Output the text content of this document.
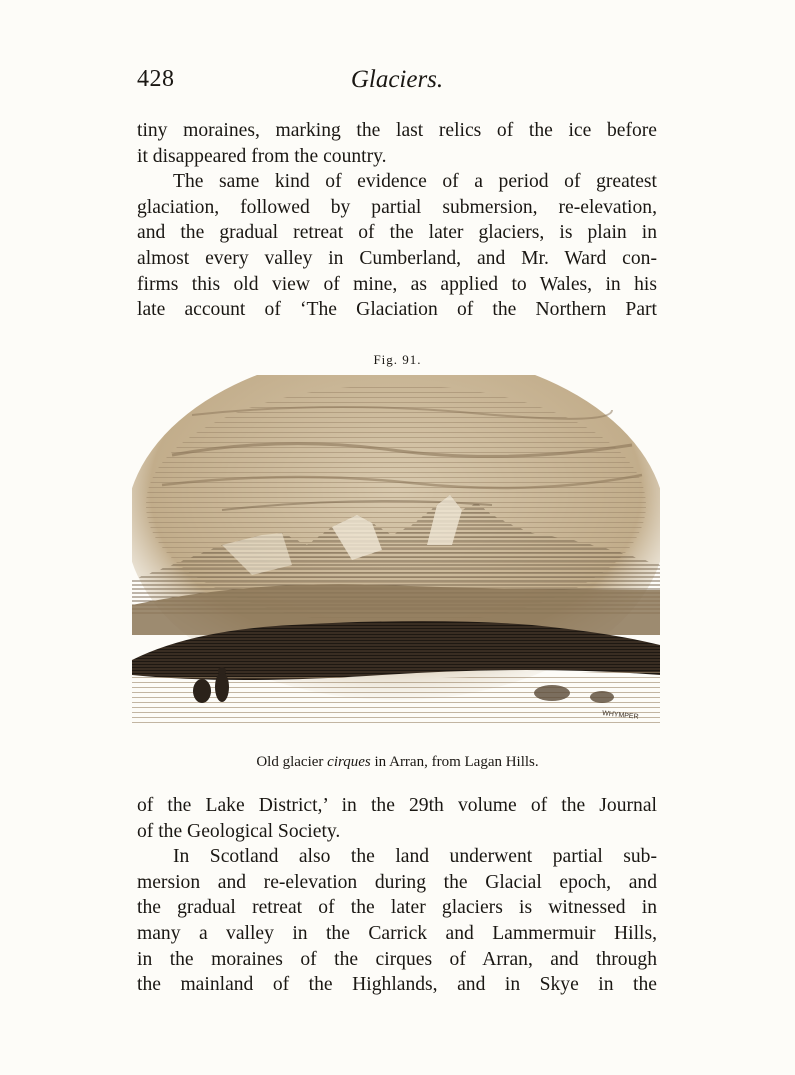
428	Glaciers.
tiny moraines, marking the last relics of the ice before
it disappeared from the country.
The same kind of evidence of a period of greatest
glaciation, followed by partial submersion, re-elevation,
and the gradual retreat of the later glaciers, is plain in
almost every valley in Cumberland, and Mr. Ward con-
firms this old view of mine, as applied to Wales, in his
late account of ‘The Glaciation of the Northern Part
Fig. 91.
WHYMPER
Old glacier cirques in Arran, from Lagan Hills.
of the Lake District,’ in the 29th volume of the Journal
of the Geological Society.
In Scotland also the land underwent partial sub-
mersion and re-elevation during the Glacial epoch, and
the gradual retreat of the later glaciers is witnessed in
many a valley in the Carrick and Lammermuir Hills,
in the moraines of the cirques of Arran, and through
the mainland of the Highlands, and in Skye in the
